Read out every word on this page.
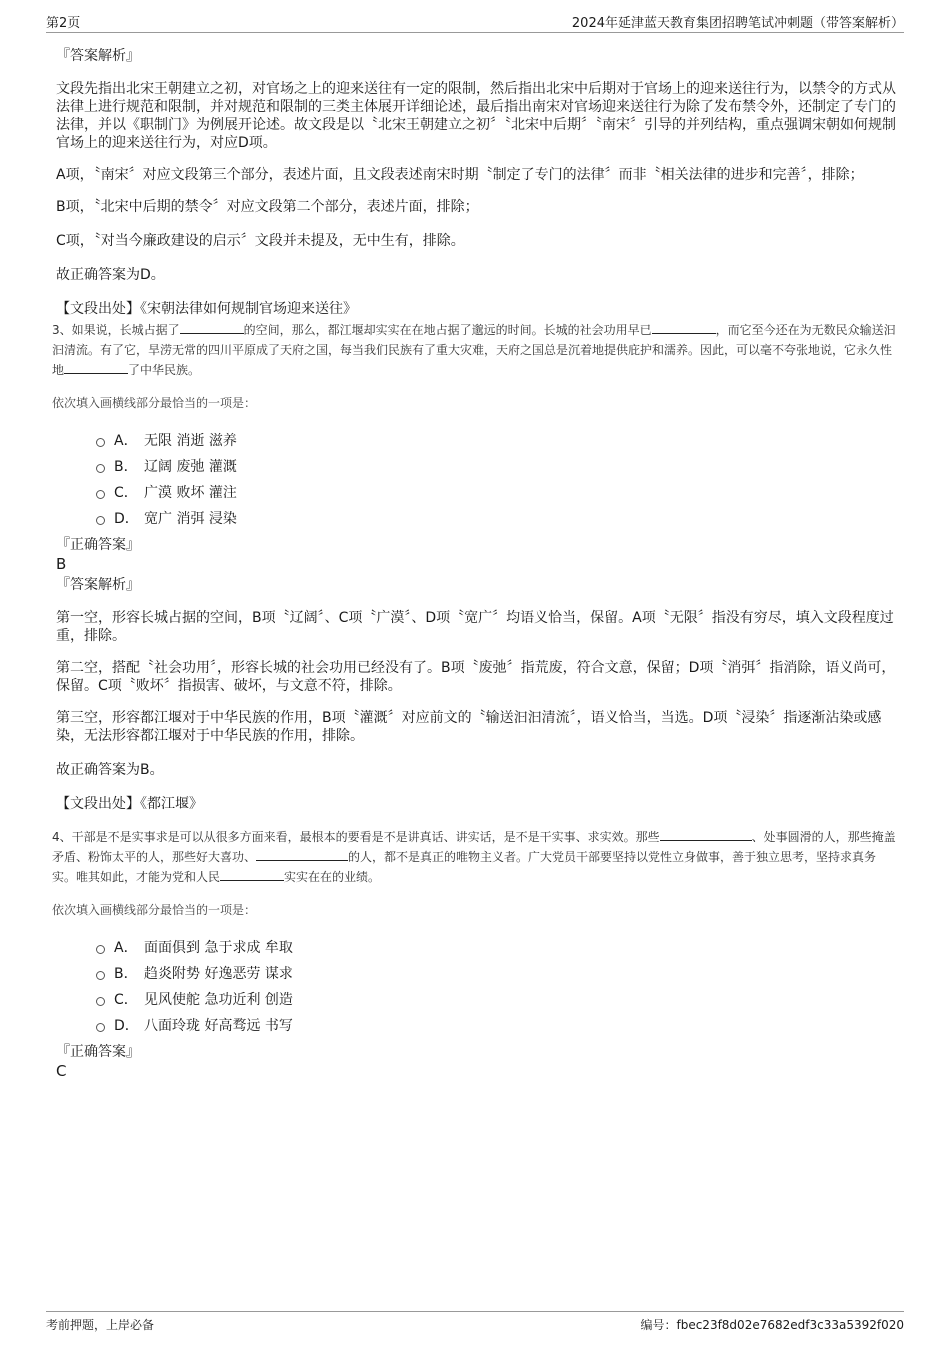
第2页	2024年延津蓝天教育集团招聘笔试冲刺题（带答案解析）

『答案解析』

文段先指出北宋王朝建立之初，对官场之上的迎来送往有一定的限制，然后指出北宋中后期对于官场上的迎来送往行为，以禁令的方式从法律上进行规范和限制，并对规范和限制的三类主体展开详细论述，最后指出南宋对官场迎来送往行为除了发布禁令外，还制定了专门的法律，并以《职制门》为例展开论述。故文段是以〝北宋王朝建立之初〞〝北宋中后期〞〝南宋〞引导的并列结构，重点强调宋朝如何规制官场上的迎来送往行为，对应D项。

A项，〝南宋〞对应文段第三个部分，表述片面，且文段表述南宋时期〝制定了专门的法律〞而非〝相关法律的进步和完善〞，排除；

B项，〝北宋中后期的禁令〞对应文段第二个部分，表述片面，排除；

C项，〝对当今廉政建设的启示〞文段并未提及，无中生有，排除。

故正确答案为D。

【文段出处】《宋朝法律如何规制官场迎来送往》

3、如果说，长城占据了	的空间，那么，都江堰却实实在在地占据了邈远的时间。长城的社会功用早已	，而它至今还在为无数民众输送汩汩清流。有了它，旱涝无常的四川平原成了天府之国，每当我们民族有了重大灾难，天府之国总是沉着地提供庇护和濡养。因此，可以毫不夸张地说，它永久性地	了中华民族。

依次填入画横线部分最恰当的一项是：

A． 无限 消逝 滋养
B． 辽阔 废弛 灌溉
C． 广漠 败坏 灌注
D． 宽广 消弭 浸染

『正确答案』

B

『答案解析』

第一空，形容长城占据的空间，B项〝辽阔〞、C项〝广漠〞、D项〝宽广〞均语义恰当，保留。A项〝无限〞指没有穷尽，填入文段程度过重，排除。

第二空，搭配〝社会功用〞，形容长城的社会功用已经没有了。B项〝废弛〞指荒废，符合文意，保留；D项〝消弭〞指消除，语义尚可，保留。C项〝败坏〞指损害、破坏，与文意不符，排除。

第三空，形容都江堰对于中华民族的作用，B项〝灌溉〞对应前文的〝输送汩汩清流〞，语义恰当，当选。D项〝浸染〞指逐渐沾染或感染，无法形容都江堰对于中华民族的作用，排除。

故正确答案为B。

【文段出处】《都江堰》

4、干部是不是实事求是可以从很多方面来看，最根本的要看是不是讲真话、讲实话，是不是干实事、求实效。那些	、处事圆滑的人，那些掩盖矛盾、粉饰太平的人，那些好大喜功、	的人，都不是真正的唯物主义者。广大党员干部要坚持以党性立身做事，善于独立思考，坚持求真务实。唯其如此，才能为党和人民	实实在在的业绩。

依次填入画横线部分最恰当的一项是：

A． 面面俱到 急于求成 牟取
B． 趋炎附势 好逸恶劳 谋求
C． 见风使舵 急功近利 创造
D． 八面玲珑 好高骛远 书写

『正确答案』

C

考前押题，上岸必备	编号：fbec23f8d02e7682edf3c33a5392f020
